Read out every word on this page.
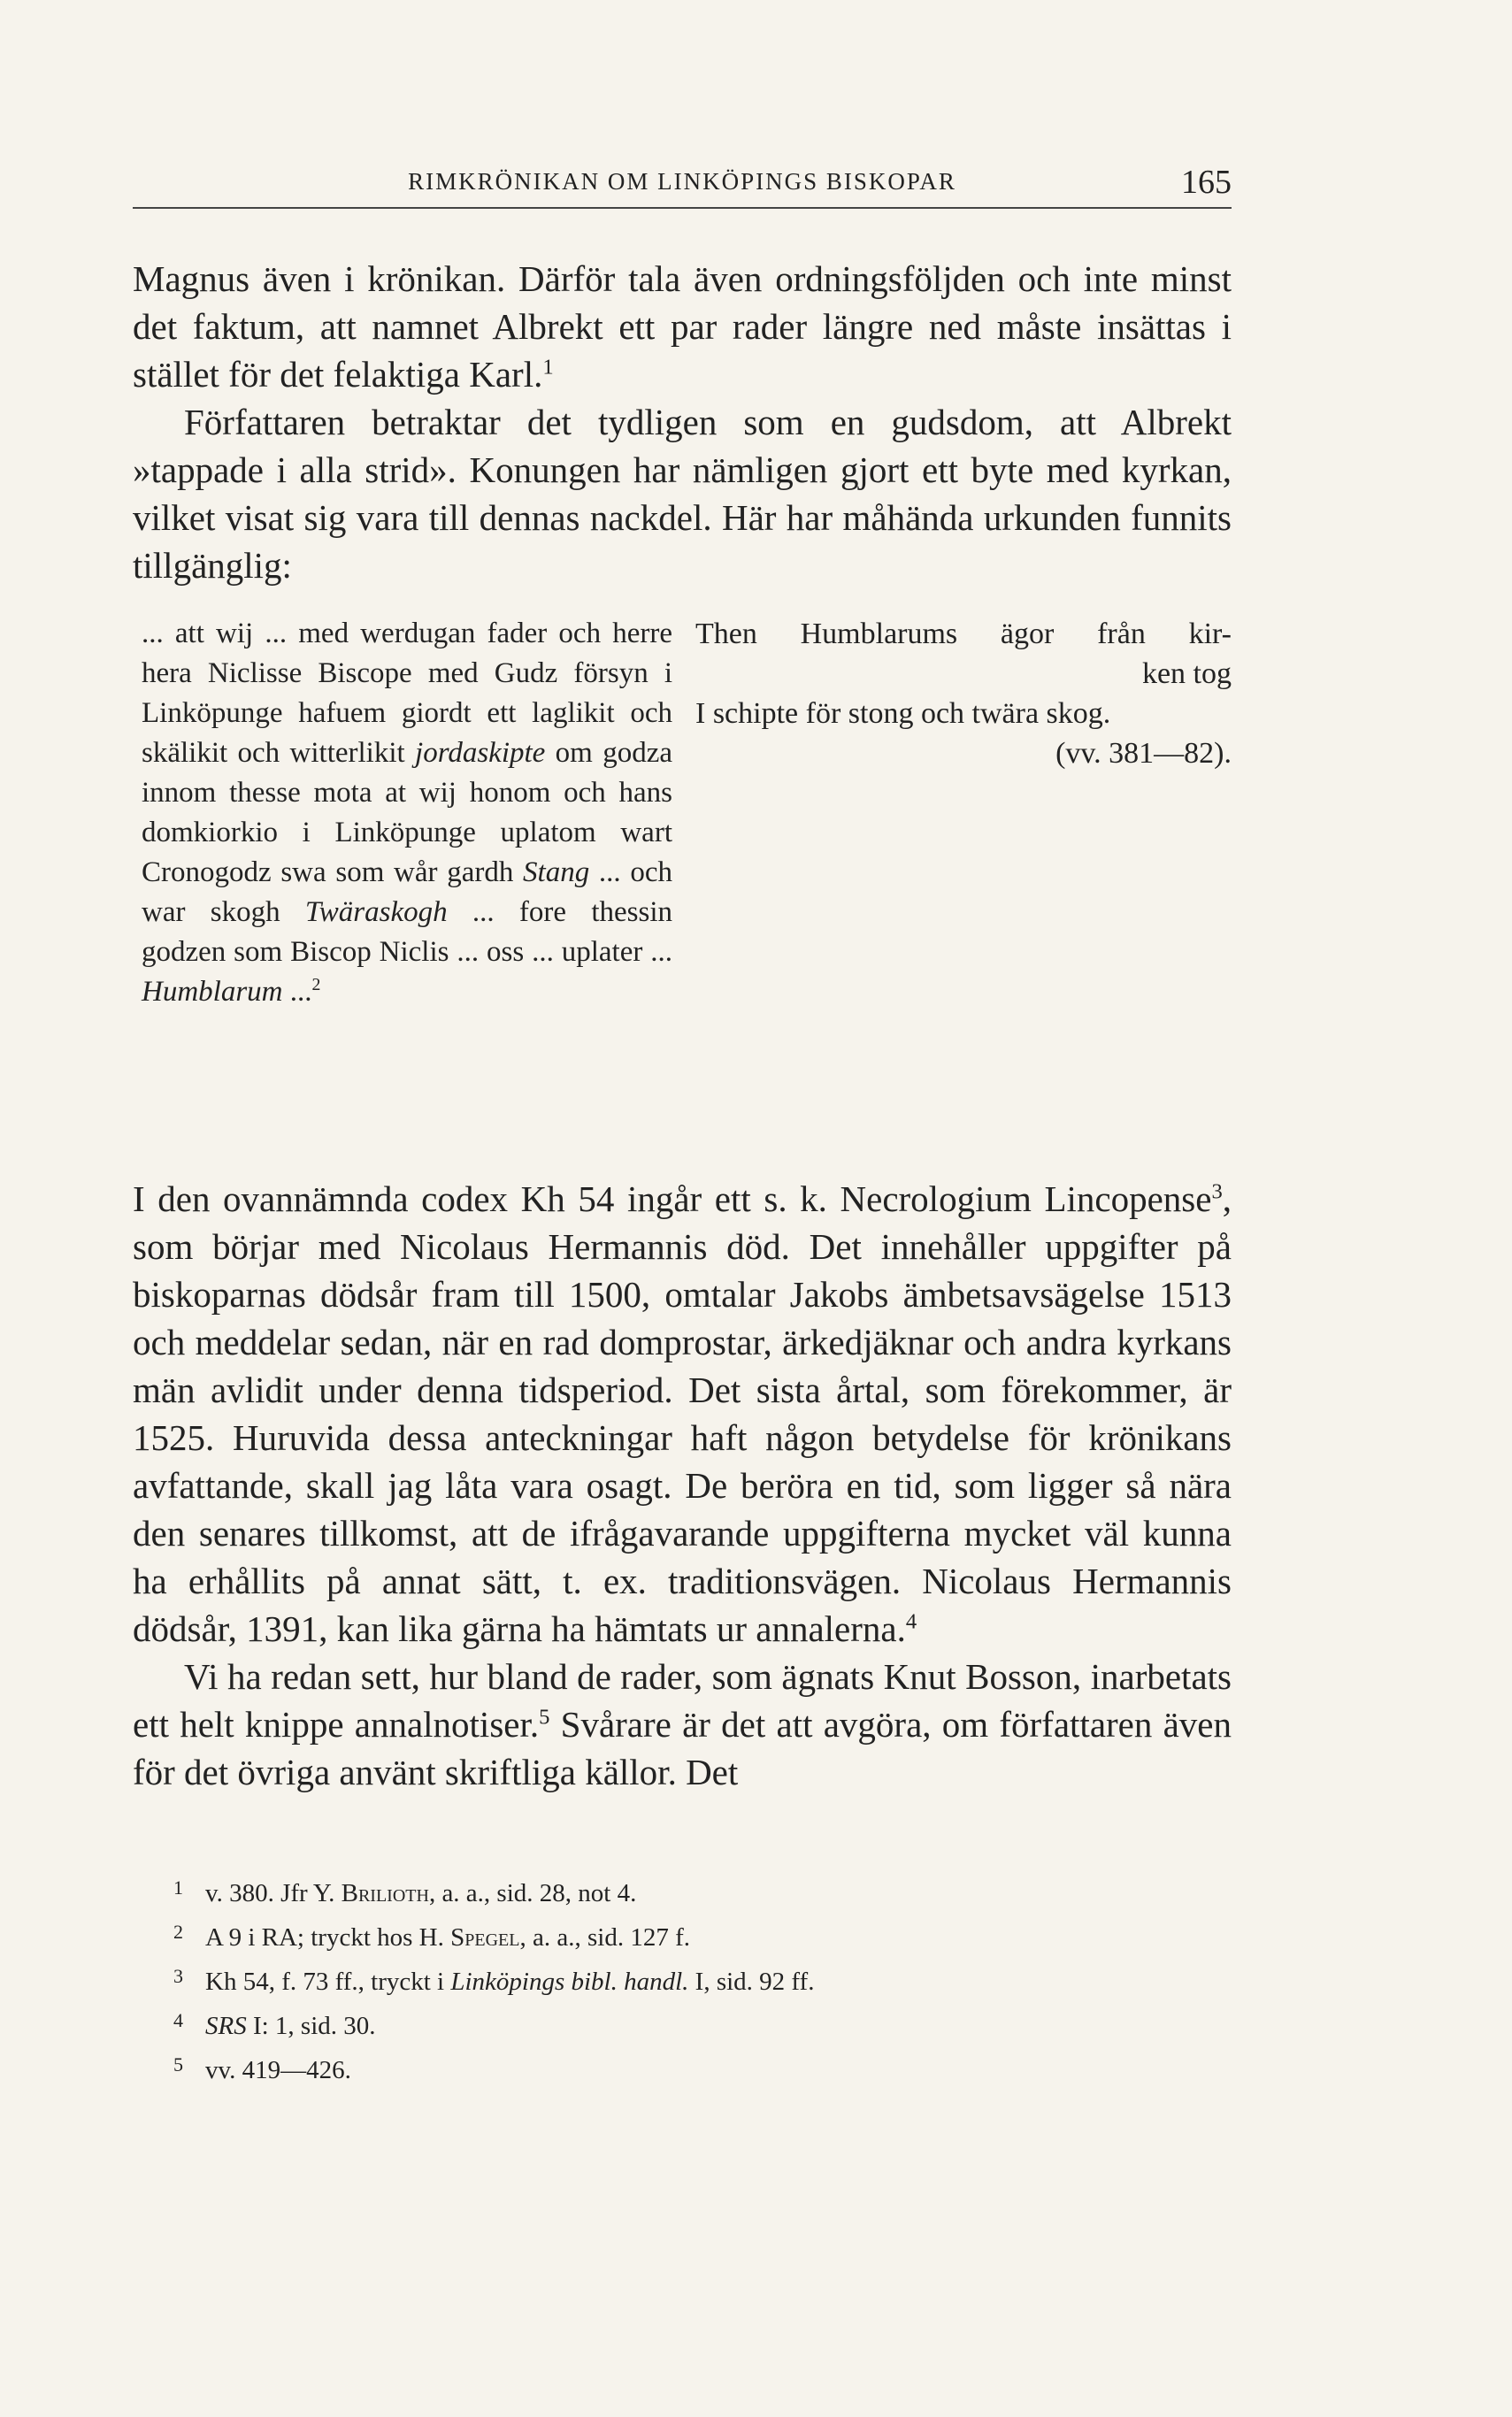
RIMKRÖNIKAN OM LINKÖPINGS BISKOPAR	165

Magnus även i krönikan. Därför tala även ordningsföljden och inte minst det faktum, att namnet Albrekt ett par rader längre ned måste insättas i stället för det felaktiga Karl.$^1$

Författaren betraktar det tydligen som en gudsdom, att Albrekt »tappade i alla strid». Konungen har nämligen gjort ett byte med kyrkan, vilket visat sig vara till dennas nackdel. Här har måhända urkunden funnits tillgänglig:

... att wij ... med werdugan fader och herre hera Niclisse Biscope med Gudz försyn i Linköpunge hafuem giordt ett laglikit och skälikit och witterlikit jordaskipte om godza innom thesse mota at wij honom och hans domkiorkio i Linköpunge uplatom wart Cronogodz swa som wår gardh Stang ... och war skogh Twäraskogh ... fore thessin godzen som Biscop Niclis ... oss ... uplater ... Humblarum ...$^2$

Then Humblarums ägor från kir-
ken tog
I schipte för stong och twära skog.
(vv. 381—82).

I den ovannämnda codex Kh 54 ingår ett s. k. Necrologium Lincopense$^3$, som börjar med Nicolaus Hermannis död. Det innehåller uppgifter på biskoparnas dödsår fram till 1500, omtalar Jakobs ämbetsavsägelse 1513 och meddelar sedan, när en rad domprostar, ärkedjäknar och andra kyrkans män avlidit under denna tidsperiod. Det sista årtal, som förekommer, är 1525. Huruvida dessa anteckningar haft någon betydelse för krönikans avfattande, skall jag låta vara osagt. De beröra en tid, som ligger så nära den senares tillkomst, att de ifrågavarande uppgifterna mycket väl kunna ha erhållits på annat sätt, t. ex. traditionsvägen. Nicolaus Hermannis dödsår, 1391, kan lika gärna ha hämtats ur annalerna.$^4$

Vi ha redan sett, hur bland de rader, som ägnats Knut Bosson, inarbetats ett helt knippe annalnotiser.$^5$ Svårare är det att avgöra, om författaren även för det övriga använt skriftliga källor. Det

1 v. 380. Jfr Y. Brilioth, a. a., sid. 28, not 4.
2 A 9 i RA; tryckt hos H. Spegel, a. a., sid. 127 f.
3 Kh 54, f. 73 ff., tryckt i Linköpings bibl. handl. I, sid. 92 ff.
4 SRS I: 1, sid. 30.
5 vv. 419—426.
